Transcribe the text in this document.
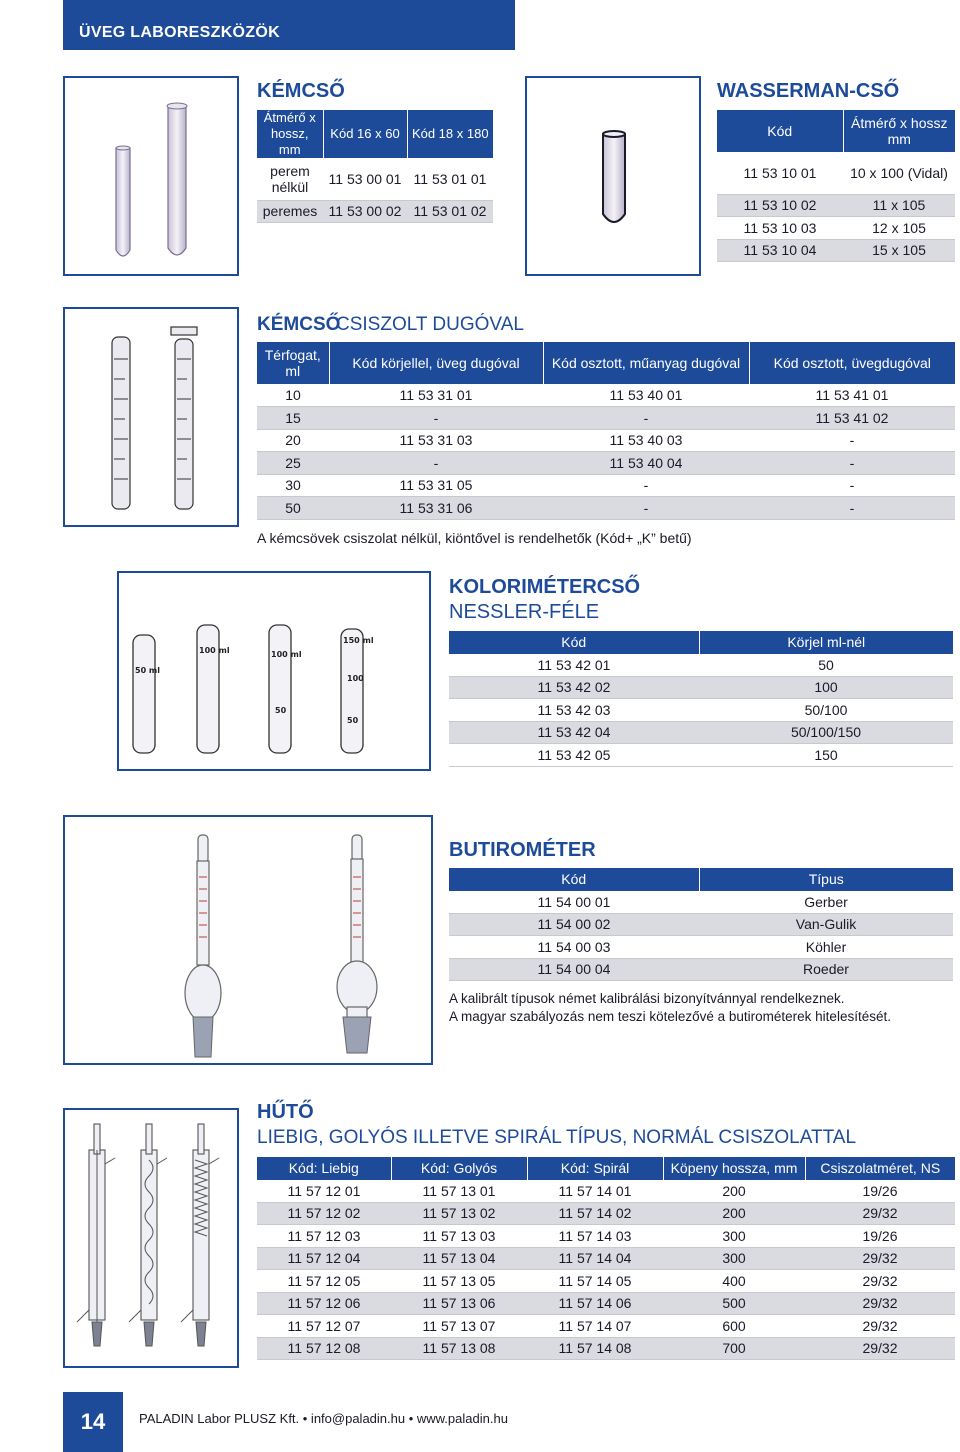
ÜVEG LABORESZKÖZÖK
KÉMCSŐ
Átmérő x hossz, mm	Kód 16 x 60	Kód 18 x 180
perem nélkül	11 53 00 01	11 53 01 01
peremes	11 53 00 02	11 53 01 02
WASSERMAN-CSŐ
Kód	Átmérő x hossz mm
11 53 10 01	10 x 100 (Vidal)
11 53 10 02	11 x 105
11 53 10 03	12 x 105
11 53 10 04	15 x 105
KÉMCSŐ
CSISZOLT DUGÓVAL
Térfogat, ml	Kód körjellel, üveg dugóval	Kód osztott, műanyag dugóval	Kód osztott, üvegdugóval
10	11 53 31 01	11 53 40 01	11 53 41 01
15	-	-	11 53 41 02
20	11 53 31 03	11 53 40 03	-
25	-	11 53 40 04	-
30	11 53 31 05	-	-
50	11 53 31 06	-	-
A kémcsövek csiszolat nélkül, kiöntővel is rendelhetők (Kód+ „K” betű)
50 ml
100 ml	100 ml
50
150 ml
100
50
KOLORIMÉTERCSŐ
NESSLER-FÉLE
Kód	Körjel ml-nél
11 53 42 01	50
11 53 42 02	100
11 53 42 03	50/100
11 53 42 04	50/100/150
11 53 42 05	150
BUTIROMÉTER
Kód	Típus
11 54 00 01	Gerber
11 54 00 02	Van-Gulik
11 54 00 03	Köhler
11 54 00 04	Roeder
A kalibrált típusok német kalibrálási bizonyítvánnyal rendelkeznek.
A magyar szabályozás nem teszi kötelezővé a butirométerek hitelesítését.
HŰTŐ
LIEBIG, GOLYÓS ILLETVE SPIRÁL TÍPUS, NORMÁL CSISZOLATTAL
Kód: Liebig	Kód: Golyós	Kód: Spirál	Köpeny hossza, mm	Csiszolatméret, NS
11 57 12 01	11 57 13 01	11 57 14 01	200	19/26
11 57 12 02	11 57 13 02	11 57 14 02	200	29/32
11 57 12 03	11 57 13 03	11 57 14 03	300	19/26
11 57 12 04	11 57 13 04	11 57 14 04	300	29/32
11 57 12 05	11 57 13 05	11 57 14 05	400	29/32
11 57 12 06	11 57 13 06	11 57 14 06	500	29/32
11 57 12 07	11 57 13 07	11 57 14 07	600	29/32
11 57 12 08	11 57 13 08	11 57 14 08	700	29/32
14	PALADIN Labor PLUSZ Kft. • info@paladin.hu • www.paladin.hu
